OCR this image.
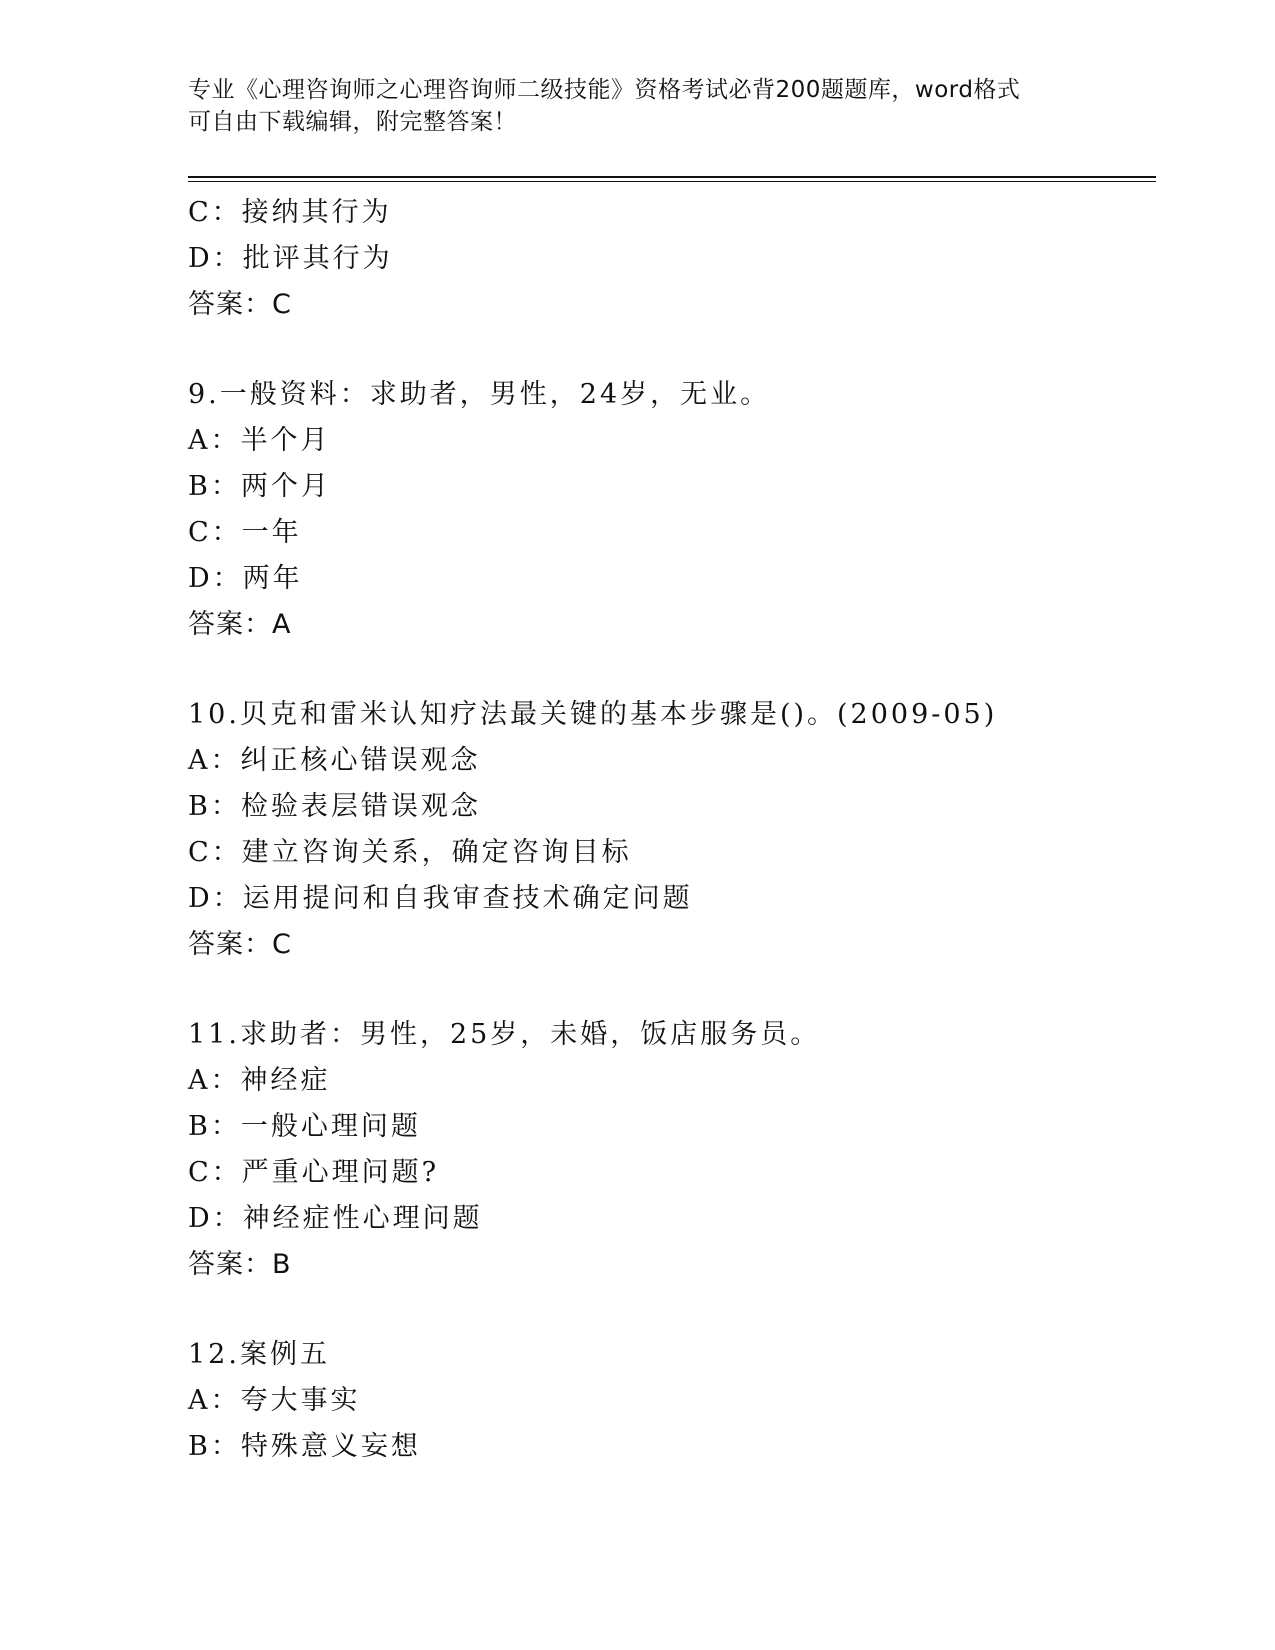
专业《心理咨询师之心理咨询师二级技能》资格考试必背200题题库，word格式
可自由下载编辑，附完整答案！
C：接纳其行为
D：批评其行为
答案：C
9.一般资料：求助者，男性，24岁，无业。
A：半个月
B：两个月
C：一年
D：两年
答案：A
10.贝克和雷米认知疗法最关键的基本步骤是()。(2009-05)
A：纠正核心错误观念
B：检验表层错误观念
C：建立咨询关系，确定咨询目标
D：运用提问和自我审查技术确定问题
答案：C
11.求助者：男性，25岁，未婚，饭店服务员。
A：神经症
B：一般心理问题
C：严重心理问题?
D：神经症性心理问题
答案：B
12.案例五
A：夸大事实
B：特殊意义妄想
